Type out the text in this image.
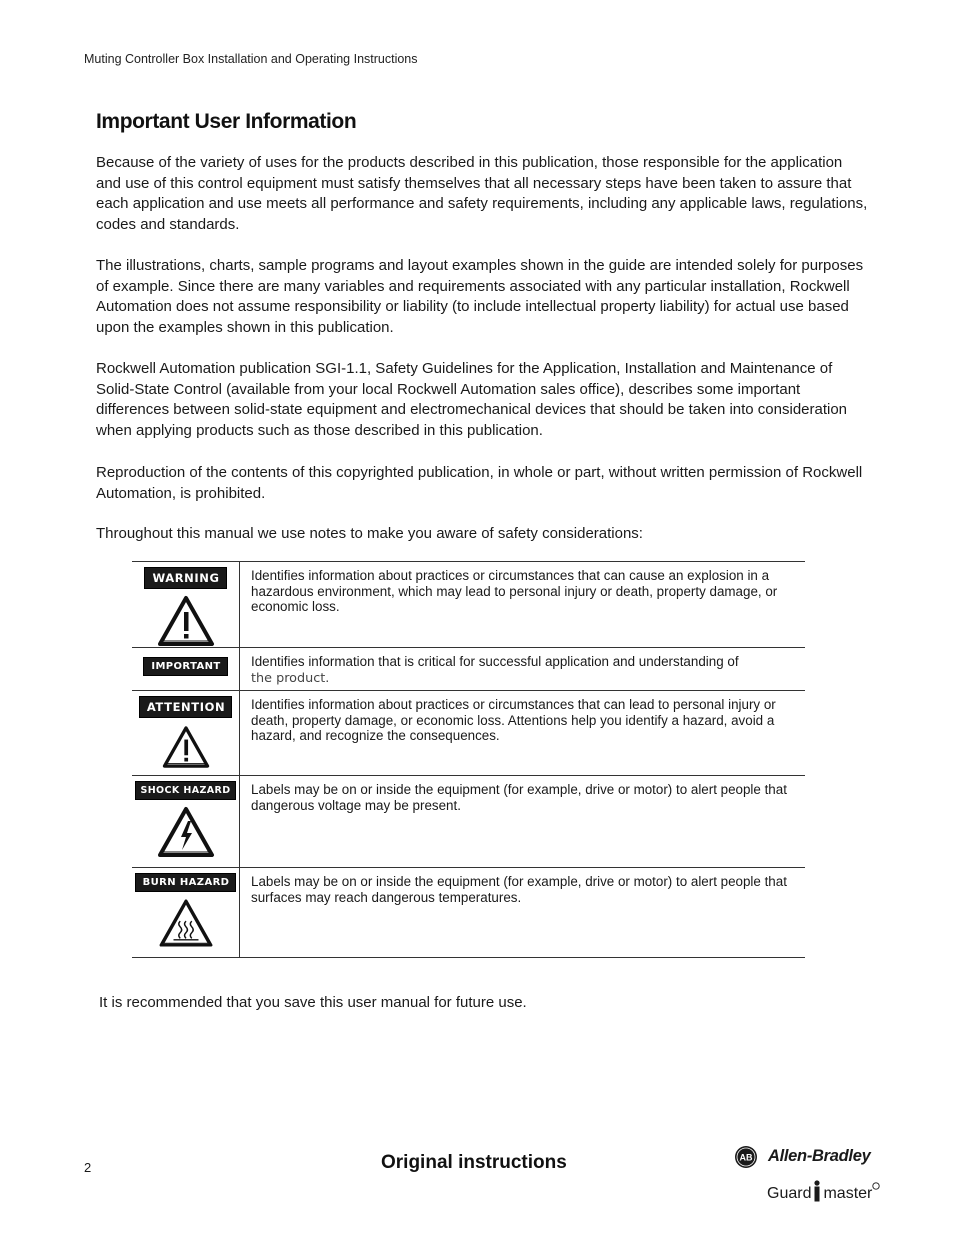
Muting Controller Box Installation and Operating Instructions
Important User Information

Because of the variety of uses for the products described in this publication, those responsible for the application and use of this control equipment must satisfy themselves that all necessary steps have been taken to assure that each application and use meets all performance and safety requirements, including any applicable laws, regulations, codes and standards.

The illustrations, charts, sample programs and layout examples shown in the guide are intended solely for purposes of example. Since there are many variables and requirements associated with any particular installation, Rockwell Automation does not assume responsibility or liability (to include intellectual property liability) for actual use based upon the examples shown in this publication.

Rockwell Automation publication SGI-1.1, Safety Guidelines for the Application, Installation and Maintenance of Solid-State Control (available from your local Rockwell Automation sales office), describes some important differences between solid-state equipment and electromechanical devices that should be taken into consideration when applying products such as those described in this publication.

Reproduction of the contents of this copyrighted publication, in whole or part, without written permission of Rockwell Automation, is prohibited.

Throughout this manual we use notes to make you aware of safety considerations:

WARNING	Identifies information about practices or circumstances that can cause an explosion in a hazardous environment, which may lead to personal injury or death, property damage, or economic loss.
IMPORTANT	Identifies information that is critical for successful application and understanding of
the product.
ATTENTION	Identifies information about practices or circumstances that can lead to personal injury or death, property damage, or economic loss. Attentions help you identify a hazard, avoid a hazard, and recognize the consequences.
SHOCK HAZARD	Labels may be on or inside the equipment (for example, drive or motor) to alert people that dangerous voltage may be present.
BURN HAZARD	Labels may be on or inside the equipment (for example, drive or motor) to alert people that surfaces may reach dangerous temperatures.

It is recommended that you save this user manual for future use.

2	Original instructions	AB Allen-Bradley
Guard master
